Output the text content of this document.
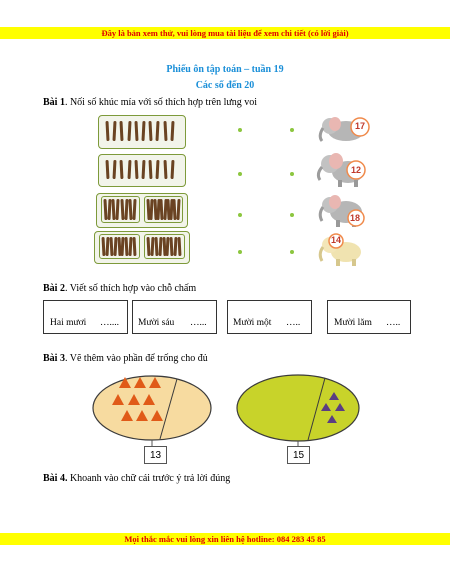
Đây là bản xem thử, vui lòng mua tài liệu để xem chi tiết (có lời giải)
Phiếu ôn tập toán – tuần 19
Các số đến 20
Bài 1. Nối số khúc mía với số thích hợp trên lưng voi
17
12
18
14
Bài 2. Viết số thích hợp vào chỗ chấm
Hai mươi ….... Mười sáu …...	Mười một …..	Mười lăm …..
Bài 3. Vẽ thêm vào phần để trống cho đủ
13	15
Bài 4. Khoanh vào chữ cái trước ý trả lời đúng
Mọi thắc mắc vui lòng xin liên hệ hotline: 084 283 45 85
